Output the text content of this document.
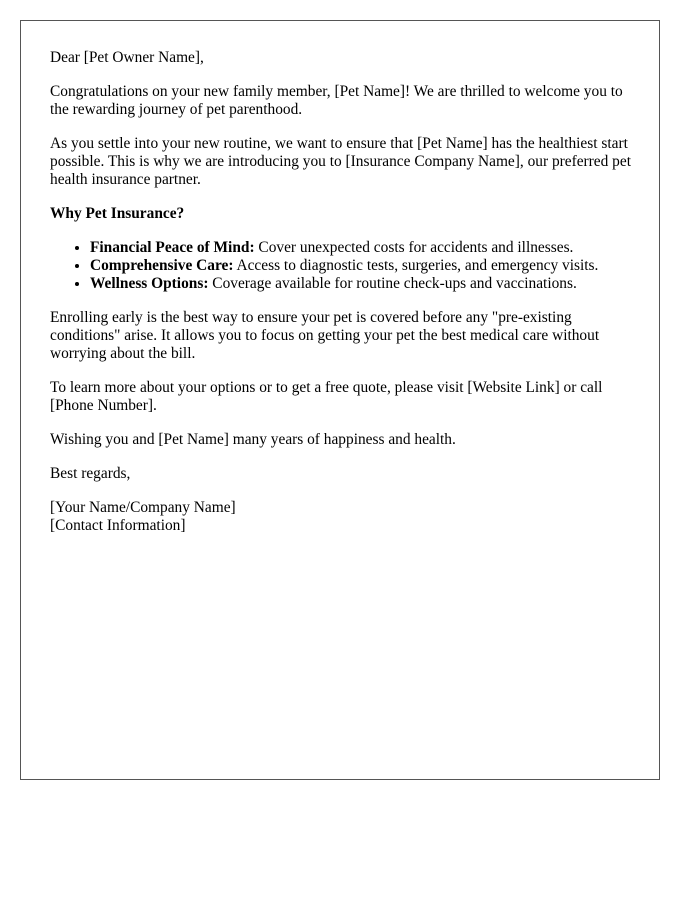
Dear [Pet Owner Name],

Congratulations on your new family member, [Pet Name]! We are thrilled to welcome you to the rewarding journey of pet parenthood.

As you settle into your new routine, we want to ensure that [Pet Name] has the healthiest start possible. This is why we are introducing you to [Insurance Company Name], our preferred pet health insurance partner.

Why Pet Insurance?

• Financial Peace of Mind: Cover unexpected costs for accidents and illnesses.
• Comprehensive Care: Access to diagnostic tests, surgeries, and emergency visits.
• Wellness Options: Coverage available for routine check-ups and vaccinations.

Enrolling early is the best way to ensure your pet is covered before any "pre-existing conditions" arise. It allows you to focus on getting your pet the best medical care without worrying about the bill.

To learn more about your options or to get a free quote, please visit [Website Link] or call [Phone Number].

Wishing you and [Pet Name] many years of happiness and health.

Best regards,

[Your Name/Company Name]
[Contact Information]
